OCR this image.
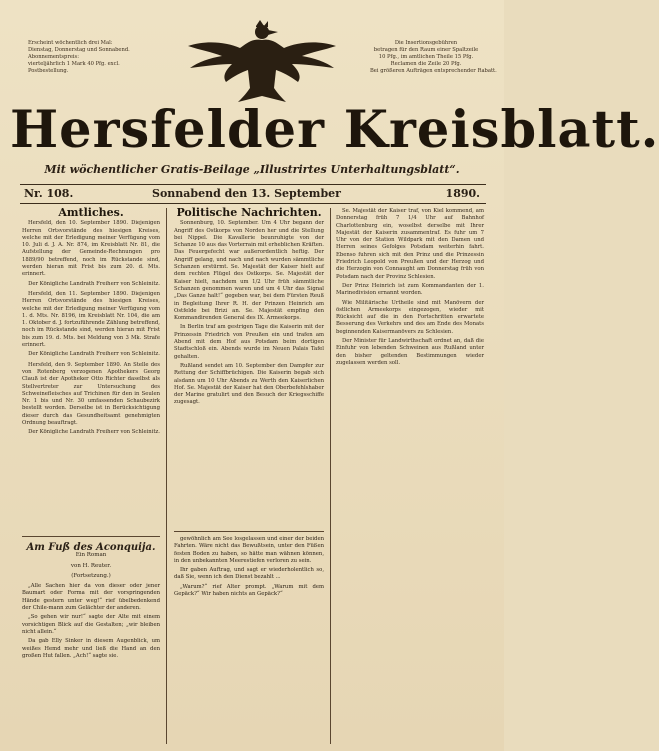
Erscheint wöchentlich drei Mal:
Dienstag, Donnerstag und Sonnabend.
Abonnementspreis:
vierteljährlich 1 Mark 40 Pfg. excl.
Postbestellung.
Die Insertionsgebühren
betragen für den Raum einer Spaltzeile
10 Pfg., im amtlichen Theile 15 Pfg.
Reclamen die Zeile 20 Pfg.
Bei größeren Aufträgen entsprechender Rabatt.
Hersfelder Kreisblatt.
Mit wöchentlicher Gratis-Beilage „Illustrirtes Unterhaltungsblatt“.
Nr. 108.	Sonnabend den 13. September	1890.
Amtliches.

Hersfeld, den 10. September 1890. Diejenigen Herren Ortsvorstände des hiesigen Kreises, welche mit der Erledigung meiner Verfügung vom 10. Juli d. J. A. Nr. 874, im Kreisblatt Nr. 81, die Aufstellung der Gemeinde-Rechnungen pro 1889/90 betreffend, noch im Rückstande sind, werden hieran mit Frist bis zum 20. d. Mts. erinnert.

Der Königliche Landrath Freiherr von Schleinitz.

Hersfeld, den 11. September 1890. Diejenigen Herren Ortsvorstände des hiesigen Kreises, welche mit der Erledigung meiner Verfügung vom 1. d. Mts. Nr. 8196, im Kreisblatt Nr. 104, die am 1. Oktober d. J. fortzuführende Zählung betreffend, noch im Rückstande sind, werden hieran mit Frist bis zum 19. d. Mts. bei Meldung von 3 Mk. Strafe erinnert.

Der Königliche Landrath Freiherr von Schleinitz.

Hersfeld, den 9. September 1890. An Stelle des von Rotenberg verzogenen Apothekers Georg Clauß ist der Apotheker Otto Richter daselbst als Stellvertreter zur Untersuchung des Schweinefleisches auf Trichinen für den in Seulen Nr. 1 bis und Nr. 30 umfassenden Schaubezirk bestellt worden. Derselbe ist in Berücksichtigung dieser durch das Gesundheitsamt genehmigten Ordnung beauftragt.

Der Königliche Landrath Freiherr von Schleinitz.

Politische Nachrichten.

Sonnenburg, 10. September. Um 4 Uhr begann der Angriff des Ostkorps von Norden her und die Stellung bei Nippel. Die Kavallerie beunruhigte von der Schanze 10 aus das Vorterrain mit erheblichen Kräften. Das Feuergefecht war außerordentlich heftig. Der Angriff gelang, und nach und nach wurden sämmtliche Schanzen erstürmt. Se. Majestät der Kaiser hielt auf dem rechten Flügel des Ostkorps. Se. Majestät der Kaiser hielt, nachdem um 1/2 Uhr früh sämmtliche Schanzen genommen waren und um 4 Uhr das Signal „Das Ganze halt!“ gegeben war, bei dem Fürsten Reuß in Begleitung Ihrer R. H. der Prinzen Heinrich am Ostfelde bei Brizi an. Se. Majestät empfing den Kommandirenden General des IX. Armeekorps.

In Berlin traf am gestrigen Tage die Kaiserin mit der Prinzessin Friedrich von Preußen ein und trafen am Abend mit dem Hof aus Potsdam beim dortigen Stadtschloß ein. Abends wurde im Neuen Palais Tafel gehalten.

Rußland sendet am 10. September den Dampfer zur Rettung der Schiffbrüchigen. Die Kaiserin begab sich alsdann um 10 Uhr Abends zu Werth den Kaiserlichen Hof. Se. Majestät der Kaiser hat den Oberbefehlshaber der Marine gratulirt und den Besuch der Kriegsschiffe zugesagt.

Se. Majestät der Kaiser traf, von Kiel kommend, am Donnerstag früh 7 1/4 Uhr auf Bahnhof Charlottenburg ein, woselbst derselbe mit Ihrer Majestät der Kaiserin zusammentraf. Es fuhr um 7 Uhr von der Station Wildpark mit den Damen und Herren seines Gefolges Potsdam weiterhin fahrt. Ebenso fuhren sich mit den Prinz und die Prinzessin Friedrich Leopold von Preußen und der Herzog und die Herzogin von Connaught am Donnerstag früh von Potsdam nach der Provinz Schlesien.

Der Prinz Heinrich ist zum Kommandanten der 1. Marinedivision ernannt worden.

Wie Militärische Urtheile sind mit Manövern der östlichen Armeekorps eingezogen, wieder mit Rücksicht auf die in den Fortschritten erwartete Besserung des Verkehrs und des am Ende des Monats beginnenden Kaisermanövers zu Schlesien.

Der Minister für Landwirthschaft ordnet an, daß die Einfuhr von lebenden Schweinen aus Rußland unter den bisher geltenden Bestimmungen wieder zugelassen werden soll.

Am Fuß des Aconquija.
Ein Roman
von H. Reuter.
(Fortsetzung.)

„Alle Sachen hier da von dieser oder jener Baumart oder Forma mit der vorspringenden Hände gestern unter weg!“ rief übelbedenkend der Chile-mann zum Gelächter der anderen.

„So gehen wir nur!“ sagte der Alte mit einem vorsichtigen Blick auf die Gestalten; „wir bleiben nicht allein.“

Da gab Elly Sinker in diesem Augenblick, um weißes Hemd mehr und ließ die Hand an den großen Hut fallen. „Ach!“ sagte sie.

gewöhnlich am See losgelassen und einer der beiden Fahrten. Wäre nicht das Bewußtsein, unter den Füßen festen Boden zu haben, so hätte man wähnen können, in den unbekannten Meerestiefen verloren zu sein.

Ihr gaben Auftrag, und sagt er wiederholentlich so, daß Sie, wenn ich den Dienst bezahlt ...

„Warum?“ rief Alter prompt. „Warum mit dem Gepäck?“ Wir haben nichts an Gepäck?“
